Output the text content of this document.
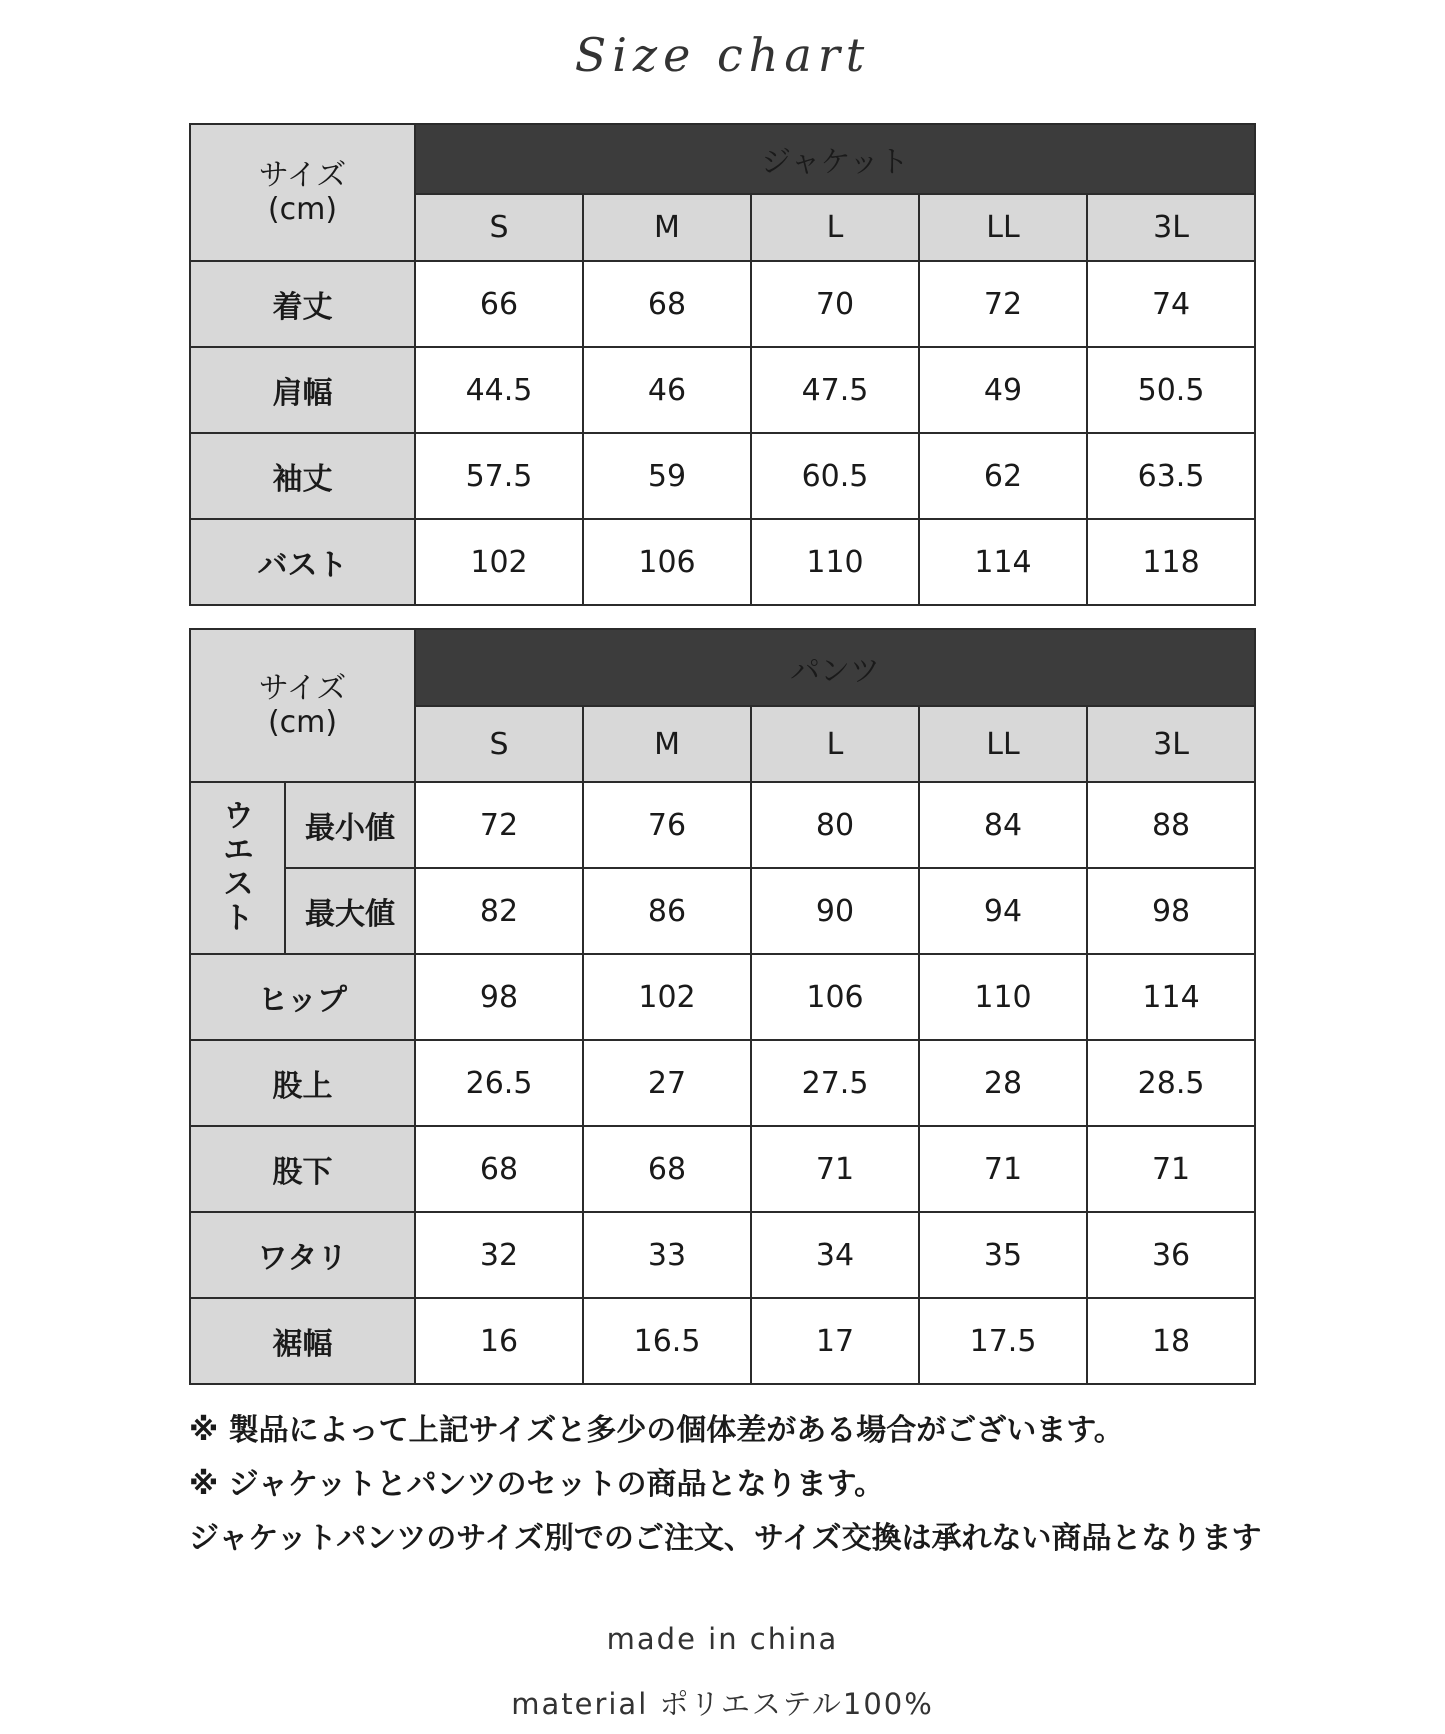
Size chart
サイズ
(cm)	ジャケット				
	S	M	L	LL	3L
着丈	66	68	70	72	74
肩幅	44.5	46	47.5	49	50.5
袖丈	57.5	59	60.5	62	63.5
バスト	102	106	110	114	118
サイズ
(cm)		パンツ				
		S	M	L	LL	3L
ウエスト	最小値	72	76	80	84	88
	最大値	82	86	90	94	98
ヒップ		98	102	106	110	114
股上		26.5	27	27.5	28	28.5
股下		68	68	71	71	71
ワタリ		32	33	34	35	36
裾幅		16	16.5	17	17.5	18
※ 製品によって上記サイズと多少の個体差がある場合がございます。
※ ジャケットとパンツのセットの商品となります。
ジャケットパンツのサイズ別でのご注文、サイズ交換は承れない商品となります
made in china
material ポリエステル100%
